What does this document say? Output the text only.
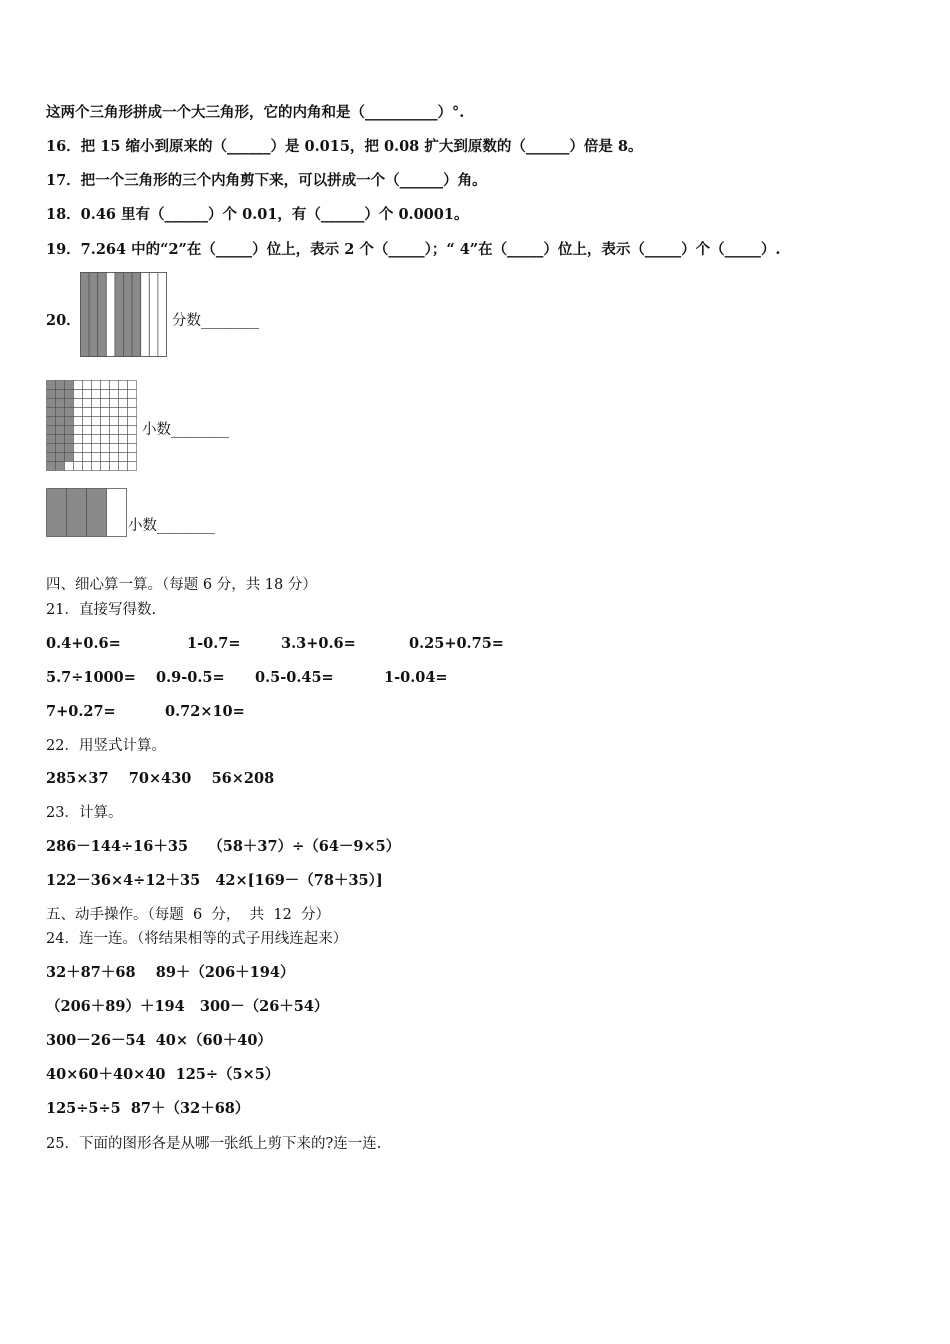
这两个三角形拼成一个大三角形，它的内角和是（__________）°.
16．把 15 缩小到原来的（______）是 0.015，把 0.08 扩大到原数的（______）倍是 8。
17．把一个三角形的三个内角剪下来，可以拼成一个（______）角。
18．0.46 里有（______）个 0.01，有（______）个 0.0001。
19．7.264 中的“2”在（_____）位上，表示 2 个（_____）；“ 4”在（_____）位上，表示（_____）个（_____）.
20．	分数________
小数________
小数________
四、细心算一算。（每题 6 分，共 18 分）
21．直接写得数.
0.4+0.6=	1-0.7=	3.3+0.6=	0.25+0.75=
5.7÷1000= 0.9-0.5= 0.5-0.45=	1-0.04=
7+0.27=	0.72×10=
22．用竖式计算。
285×37    70×430    56×208
23．计算。
286－144÷16＋35    （58＋37）÷（64－9×5）
122－36×4÷12＋35   42×[169－（78＋35）]
五、动手操作。（每题  6  分，  共  12  分）
24．连一连。（将结果相等的式子用线连起来）
32＋87＋68    89＋（206＋194）
（206＋89）＋194   300－（26＋54）
300－26－54  40×（60＋40）
40×60＋40×40  125÷（5×5）
125÷5÷5  87＋（32＋68）
25．下面的图形各是从哪一张纸上剪下来的?连一连.
